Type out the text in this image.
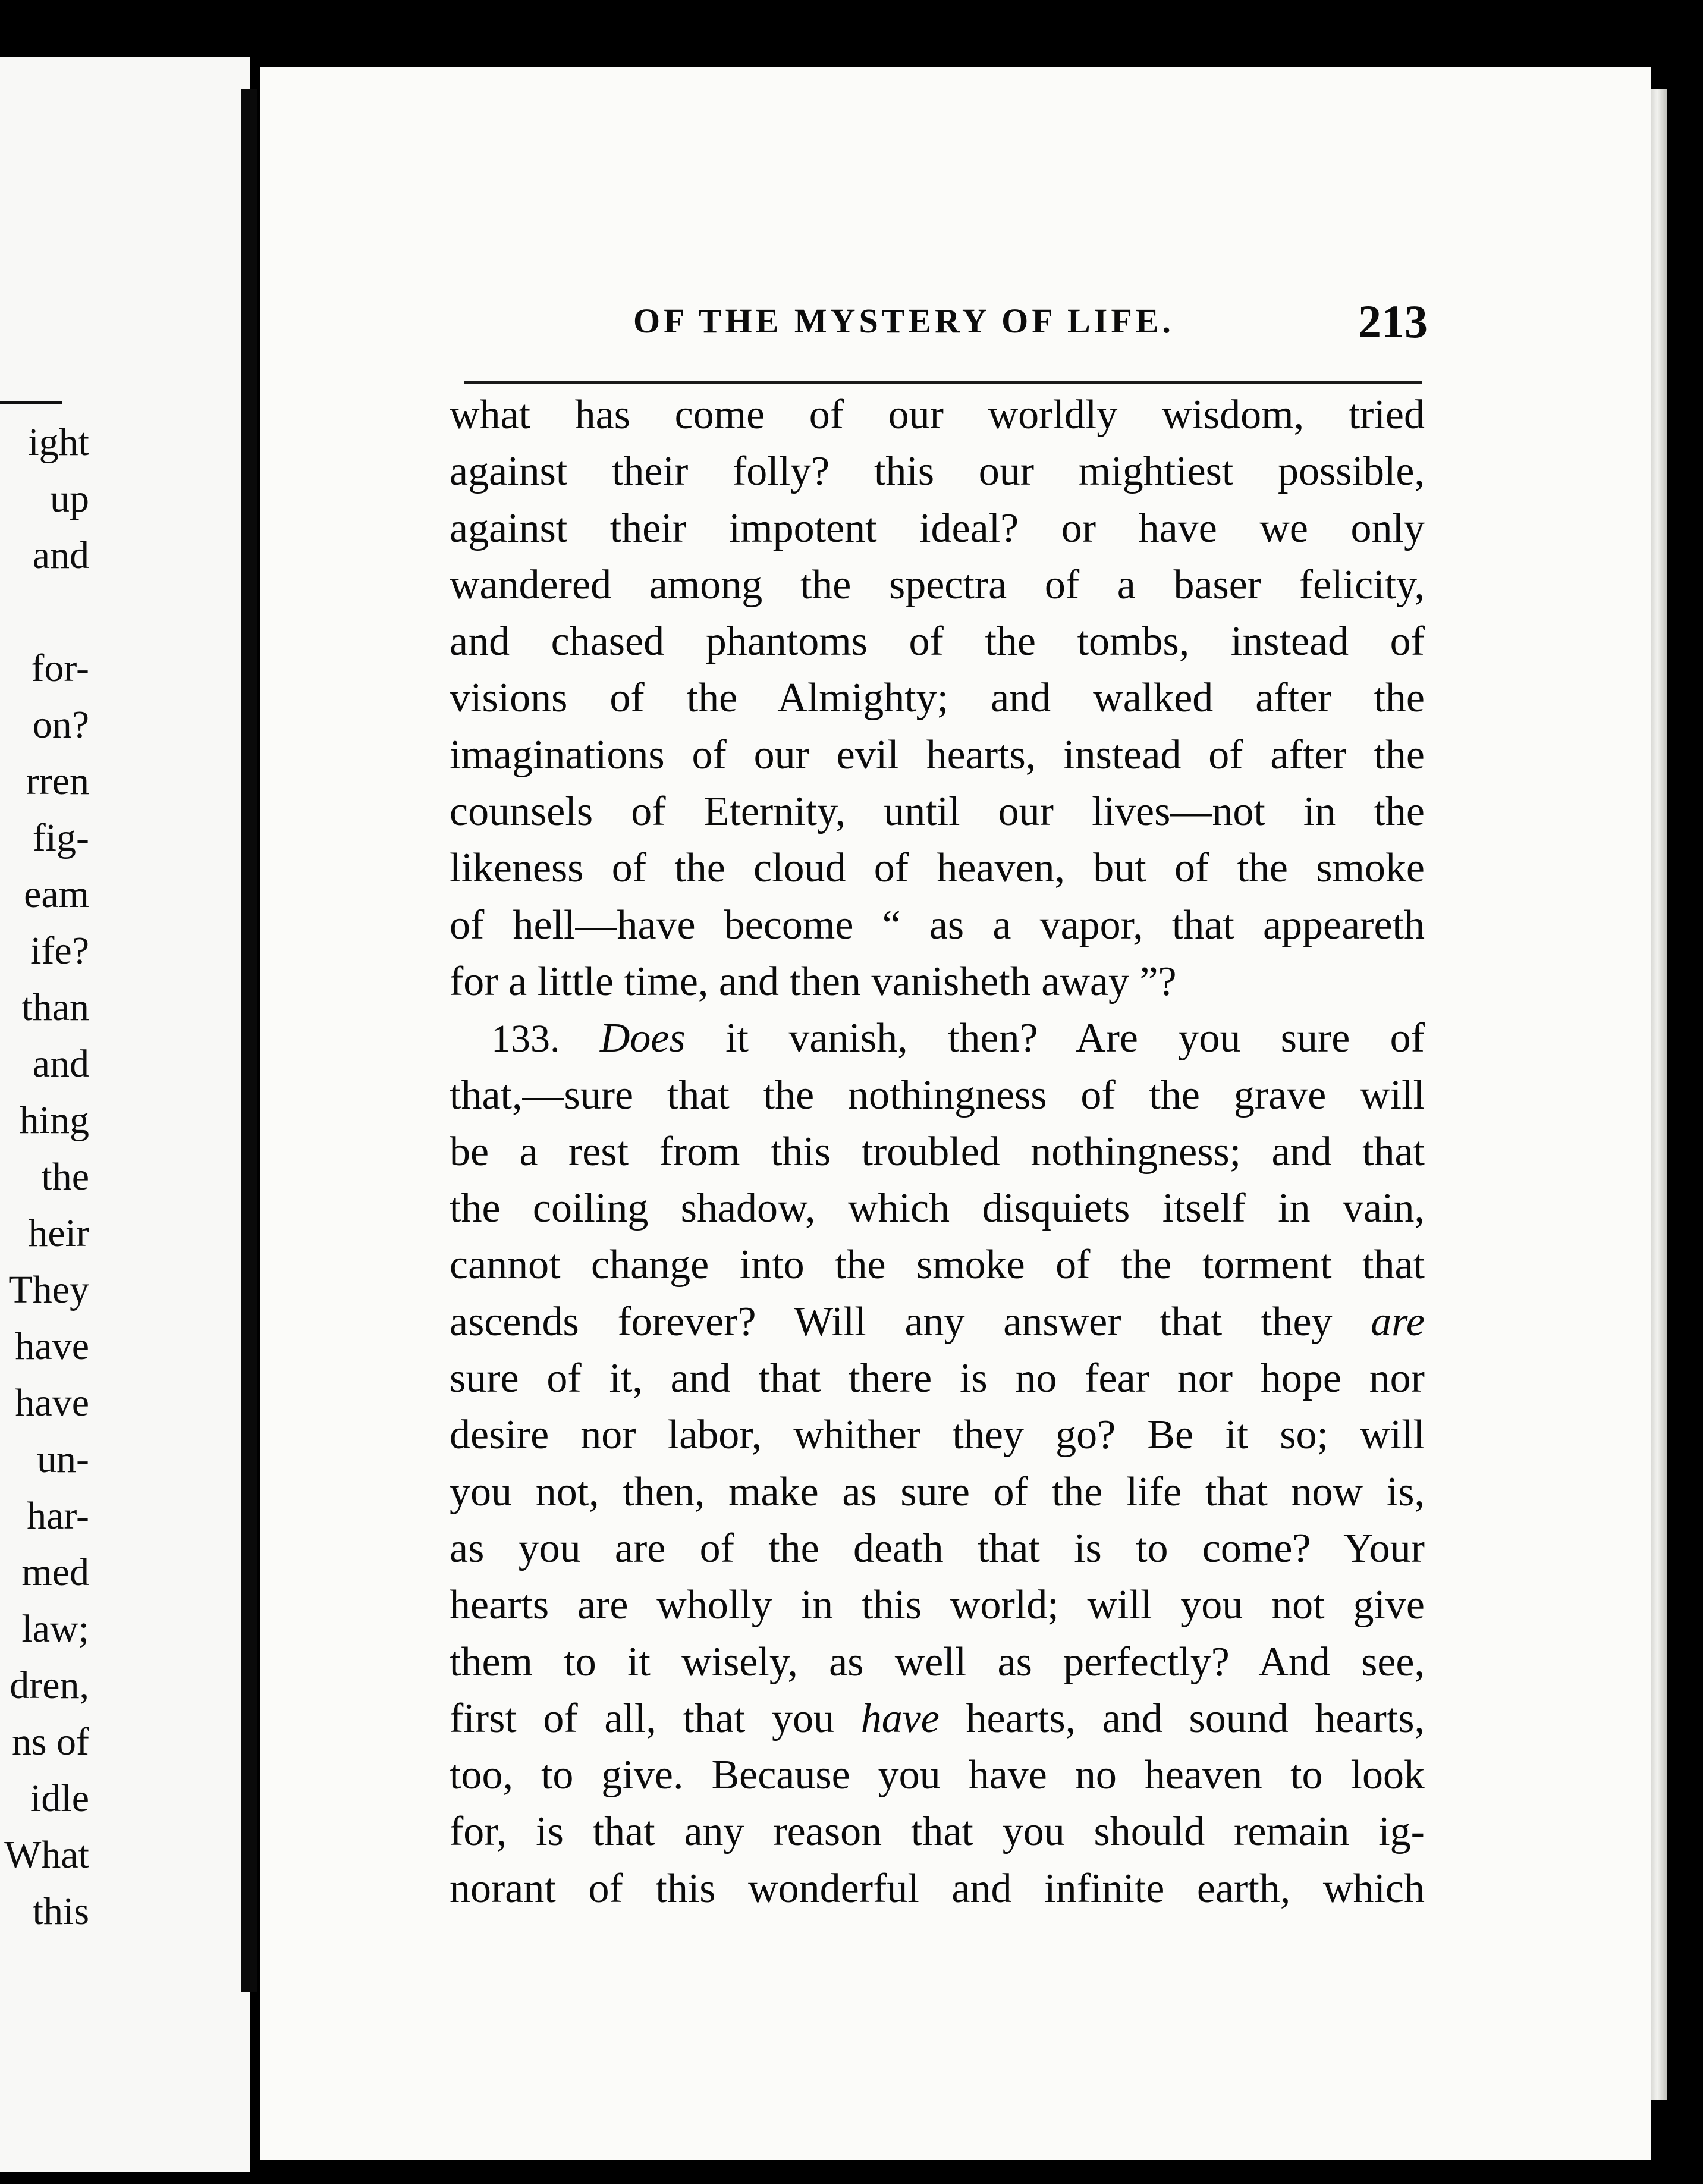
ight
up
and
for-
on?
rren
fig-
eam
ife?
than
and
hing
the
heir
They
have
have
un-
har-
med
law;
dren,
ns of
idle
What
this
OF THE MYSTERY OF LIFE.	213
what has come of our worldly wisdom, tried
against their folly? this our mightiest possible,
against their impotent ideal? or have we only
wandered among the spectra of a baser felicity,
and chased phantoms of the tombs, instead of
visions of the Almighty; and walked after the
imaginations of our evil hearts, instead of after the
counsels of Eternity, until our lives—not in the
likeness of the cloud of heaven, but of the smoke
of hell—have become “ as a vapor, that appeareth
for a little time, and then vanisheth away ”?
133. Does it vanish, then? Are you sure of
that,—sure that the nothingness of the grave will
be a rest from this troubled nothingness; and that
the coiling shadow, which disquiets itself in vain,
cannot change into the smoke of the torment that
ascends forever? Will any answer that they are
sure of it, and that there is no fear nor hope nor
desire nor labor, whither they go? Be it so; will
you not, then, make as sure of the life that now is,
as you are of the death that is to come? Your
hearts are wholly in this world; will you not give
them to it wisely, as well as perfectly? And see,
first of all, that you have hearts, and sound hearts,
too, to give. Because you have no heaven to look
for, is that any reason that you should remain ig-
norant of this wonderful and infinite earth, which
